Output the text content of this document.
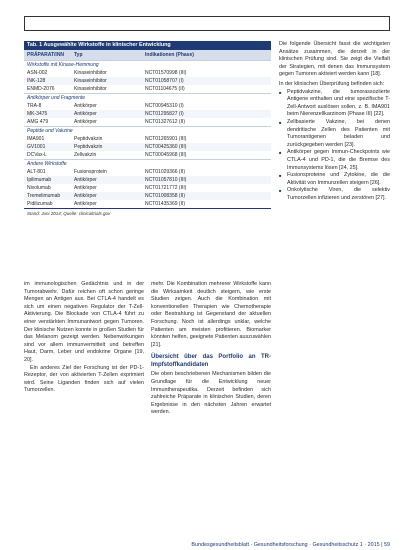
Tab. 1 Ausgewählte Wirkstoffe in klinischer Entwicklung
PRÄPARAT/INN	Typ	Indikationen (Phase)
Wirkstoffe mit Kinase-Hemmung
ASN-002	Kinaseinhibitor	NCT01570998 (III)
INK-128	Kinaseinhibitor	NCT01058707 (I)
ENMD-2076	Kinaseinhibitor	NCT01104675 (II)
Antikörper und Fragmente
TRA-8	Antikörper	NCT00945310 (I)
MK-3475	Antikörper	NCT01295827 (I)
AMG 479	Antikörper	NCT01327612 (II)
Peptide und Vakzine
IMA901	Peptidvakzin	NCT01265901 (III)
GV1001	Peptidvakzin	NCT00425360 (III)
DCVax-L	Zellvakzin	NCT00045968 (III)
Andere Wirkstoffe
ALT-801	Fusionsprotein	NCT01029366 (II)
Ipilimumab	Antikörper	NCT01057810 (III)
Nivolumab	Antikörper	NCT01721772 (III)
Tremelimumab	Antikörper	NCT01008358 (II)
Pidilizumab	Antikörper	NCT01435369 (II)
Stand: Juni 2014; Quelle: clinicaltrials.gov

im immunologischen Gedächtnis und in der Tumorabwehr. Dafür reichen oft schon geringe Mengen an Antigen aus. Bei CTLA-4 handelt es sich um einen negativen Regulator der T-Zell-Aktivierung. Die Blockade von CTLA-4 führt zu einer verstärkten Immunantwort gegen Tumoren. Der klinische Nutzen konnte in großen Studien für das Melanom gezeigt werden. Nebenwirkungen sind vor allem immunvermittelt und betreffen Haut, Darm, Leber und endokrine Organe [19, 20].

Ein anderes Ziel der Forschung ist der PD-1-Rezeptor, der von aktivierten T-Zellen exprimiert wird. Seine Liganden finden sich auf vielen Tumorzellen.

mehr. Die Kombination mehrerer Wirkstoffe kann die Wirksamkeit deutlich steigern, wie erste Studien zeigen. Auch die Kombination mit konventionellen Therapien wie Chemotherapie oder Bestrahlung ist Gegenstand der aktuellen Forschung. Noch ist allerdings unklar, welche Patienten am meisten profitieren. Biomarker könnten helfen, geeignete Patienten auszuwählen [21].

Übersicht über das Portfolio an TR-Impfstoffkandidaten

Die oben beschriebenen Mechanismen bilden die Grundlage für die Entwicklung neuer Immuntherapeutika. Derzeit befinden sich zahlreiche Präparate in klinischen Studien, deren Ergebnisse in den nächsten Jahren erwartet werden.

Die folgende Übersicht fasst die wichtigsten Ansätze zusammen, die derzeit in der klinischen Prüfung sind. Sie zeigt die Vielfalt der Strategien, mit denen das Immunsystem gegen Tumoren aktiviert werden kann [18].

In der klinischen Überprüfung befinden sich:

■ Peptidvakzine, die tumorassoziierte Antigene enthalten und eine spezifische T-Zell-Antwort auslösen sollen, z. B. IMA901 beim Nierenzellkarzinom (Phase III) [22].

■ Zellbasierte Vakzine, bei denen dendritische Zellen des Patienten mit Tumorantigenen beladen und zurückgegeben werden [23].

■ Antikörper gegen Immun-Checkpoints wie CTLA-4 und PD-1, die die Bremse des Immunsystems lösen [24, 25].

■ Fusionsproteine und Zytokine, die die Aktivität von Immunzellen steigern [26].

■ Onkolytische Viren, die selektiv Tumorzellen infizieren und zerstören [27].

Bundesgesundheitsblatt · Gesundheitsforschung · Gesundheitsschutz 1 · 2015 | 59
